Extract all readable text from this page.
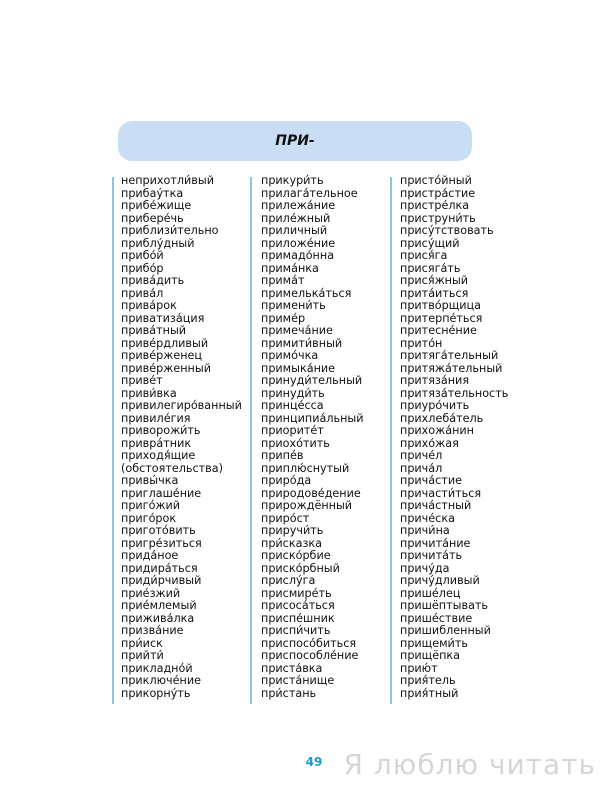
ПРИ-
неприхотли́вый
прибау́тка
прибе́жище
прибере́чь
приблизи́тельно
приблу́дный
прибо́й
прибо́р
прива́дить
прива́л
прива́рок
приватиза́ция
прива́тный
приве́рдливый
приве́рженец
приве́рженный
приве́т
приви́вка
привилегиро́ванный
привиле́гия
приворожи́ть
приврáтник
приходя́щие
(обстоятельства)
привы́чка
приглаше́ние
приго́жий
приго́рок
пригото́вить
пригре́зиться
прида́ное
придира́ться
приди́рчивый
прие́зжий
прие́млемый
прижива́лка
призва́ние
при́иск
прийти́
приклaдно́й
приключе́ние
прикорну́ть
прикури́ть
прилага́тельное
прилежа́ние
приле́жный
приличный
приложе́ние
примадо́нна
прима́нка
прима́т
примелька́ться
примени́ть
приме́р
примеча́ние
примити́вный
примо́чка
примыка́ние
принуди́тельный
принуди́ть
принце́сса
принципиа́льный
приорите́т
приохо́тить
припе́в
приплю́снутый
приро́да
природове́дение
прирождённый
приро́ст
приручи́ть
при́сказка
приско́рбие
приско́рбный
прислу́га
присмире́ть
присоса́ться
приспе́шник
приспи́чить
приспосо́биться
приспособле́ние
приста́вка
приста́нище
при́стань
присто́йный
пристра́стие
пристре́лка
приструни́ть
прису́тствовать
прису́щий
прися́га
присяга́ть
прися́жный
прита́иться
притво́рщица
притерпе́ться
притесне́ние
прито́н
притяга́тельный
притяжа́тельный
притяза́ния
притяза́тельность
приуро́чить
прихлеба́тель
прихожа́нин
прихо́жая
приче́л
прича́л
прича́стие
причасти́ться
прича́стный
приче́ска
причи́на
причита́ние
причита́ть
причу́да
причу́дливый
прише́лец
пришёптывать
прише́ствие
пришибленный
прищеми́ть
прищёпка
прию́т
прия́тель
прия́тный
49 Я люблю читать
